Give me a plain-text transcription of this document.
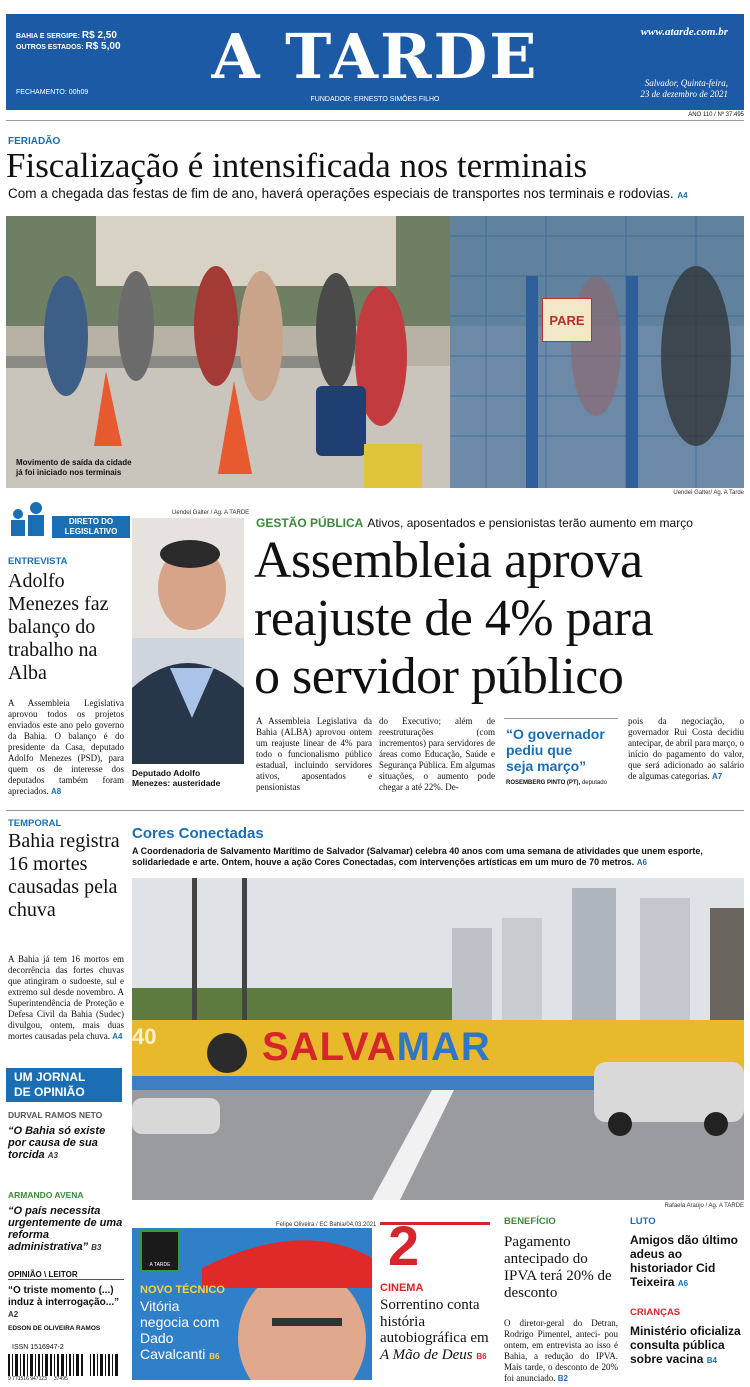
BAHIA E SERGIPE: R$ 2,50
OUTROS ESTADOS: R$ 5,00
FECHAMENTO: 00h09	A TARDE
FUNDADOR: ERNESTO SIMÕES FILHO
www.atarde.com.br
Salvador, Quinta-feira,
23 de dezembro de 2021
ANO 110 / Nº 37.495
FERIADÃO
Fiscalização é intensificada nos terminais
Com a chegada das festas de fim de ano, haverá operações especiais de transportes nos terminais e rodovias. A4
PARE
Movimento de saída da cidade
já foi iniciado nos terminais
Uendel Galter/ Ag. A Tarde
DIRETO DO
LEGISLATIVO
ENTREVISTA
Adolfo Menezes faz balanço do trabalho na Alba
A Assembleia Legislativa aprovou todos os projetos enviados este ano pelo governo da Bahia. O balanço é do presidente da Casa, deputado Adolfo Menezes (PSD), para quem os de interesse dos deputados também foram apreciados. A8
Uendel Galter / Ag. A TARDE
Deputado Adolfo
Menezes: austeridade
GESTÃO PÚBLICA Ativos, aposentados e pensionistas terão aumento em março
Assembleia aprova
reajuste de 4% para
o servidor público
A Assembleia Legislativa da Bahia (ALBA) aprovou ontem um reajuste linear de 4% para todo o funcionalismo público estadual, incluindo servidores ativos, aposentados e pensionistas
do Executivo; além de reestruturações (com incrementos) para servidores de áreas como Educação, Saúde e Segurança Pública. Em algumas situações, o aumento pode chegar a até 22%. De-
“O governador
pediu que
seja março”
ROSEMBERG PINTO (PT), deputado
pois da negociação, o governador Rui Costa decidiu antecipar, de abril para março, o início do pagamento do valor, que será adicionado ao salário de algumas categorias. A7
TEMPORAL
Bahia registra 16 mortes causadas pela chuva
A Bahia já tem 16 mortos em decorrência das fortes chuvas que atingiram o sudoeste, sul e extremo sul desde novembro. A Superintendência de Proteção e Defesa Civil da Bahia (Sudec) divulgou, ontem, mais duas mortes causadas pela chuva. A4
UM JORNAL
DE OPINIÃO
DURVAL RAMOS NETO
“O Bahia só existe por causa de sua torcida A3
ARMANDO AVENA
“O país necessita urgentemente de uma reforma administrativa” B3
OPINIÃO \ LEITOR
“O triste momento (...) induz à interrogação...” A2
EDSON DE OLIVEIRA RAMOS
ISSN 1516947-2
9 771516 947123     37495
Cores Conectadas
A Coordenadoria de Salvamento Marítimo de Salvador (Salvamar) celebra 40 anos com uma semana de atividades que unem esporte, solidariedade e arte. Ontem, houve a ação Cores Conectadas, com intervenções artísticas em um muro de 70 metros. A6
40	SALVAMAR
Rafaela Araújo / Ag. A TARDE
Felipe Oliveira / EC Bahia/04.03.2021
A TARDE
NOVO TÉCNICO
Vitória negocia com Dado Cavalcanti B6
2
CINEMA
Sorrentino conta história autobiográfica em A Mão de Deus B6
BENEFÍCIO
Pagamento antecipado do IPVA terá 20% de desconto
O diretor-geral do Detran, Rodrigo Pimentel, anteci- pou ontem, em entrevista ao isso é Bahia, a redução do IPVA. Mais tarde, o desconto de 20% foi anunciado. B2
LUTO
Amigos dão último adeus ao historiador Cid Teixeira A6
CRIANÇAS
Ministério oficializa consulta pública sobre vacina B4
